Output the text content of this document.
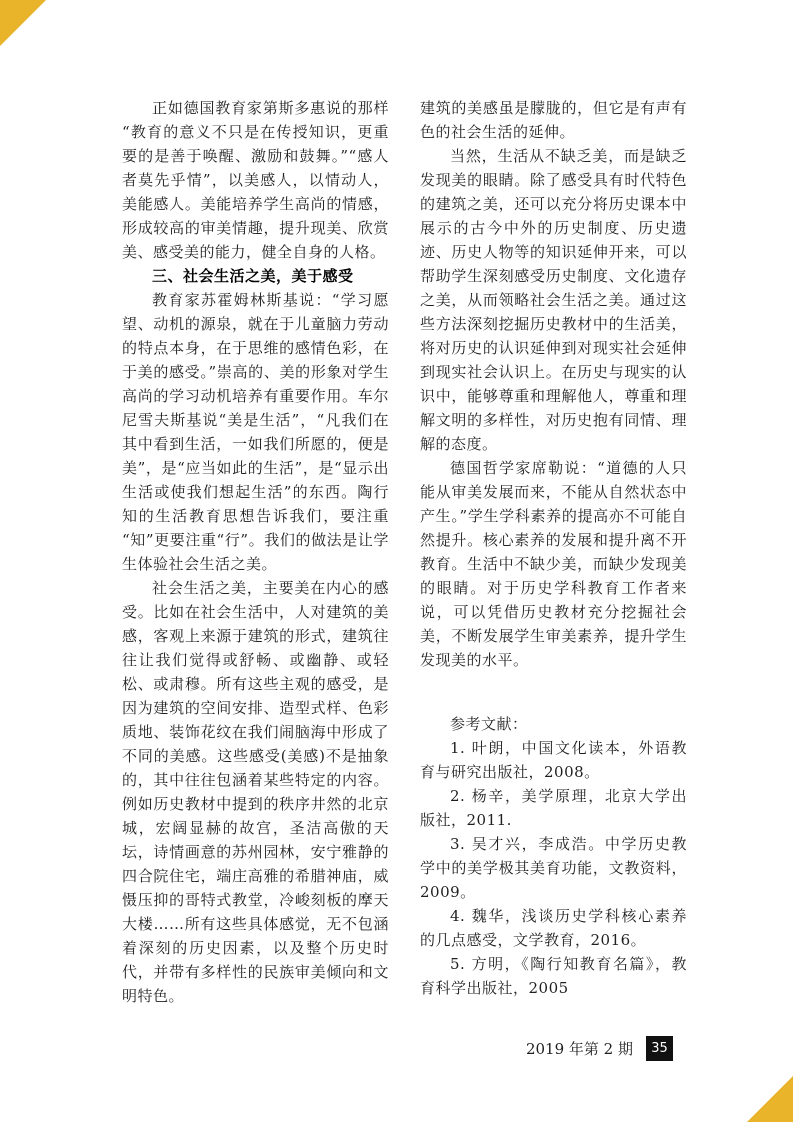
正如德国教育家第斯多惠说的那样“教育的意义不只是在传授知识，更重要的是善于唤醒、激励和鼓舞。”“感人者莫先乎情”，以美感人，以情动人，美能感人。美能培养学生高尚的情感，形成较高的审美情趣，提升现美、欣赏美、感受美的能力，健全自身的人格。

三、社会生活之美，美于感受

教育家苏霍姆林斯基说：“学习愿望、动机的源泉，就在于儿童脑力劳动的特点本身，在于思维的感情色彩，在于美的感受。”崇高的、美的形象对学生高尚的学习动机培养有重要作用。车尔尼雪夫斯基说“美是生活”，“凡我们在其中看到生活，一如我们所愿的，便是美”，是“应当如此的生活”，是“显示出生活或使我们想起生活”的东西。陶行知的生活教育思想告诉我们，要注重“知”更要注重“行”。我们的做法是让学生体验社会生活之美。

社会生活之美，主要美在内心的感受。比如在社会生活中，人对建筑的美感，客观上来源于建筑的形式，建筑往往让我们觉得或舒畅、或幽静、或轻松、或肃穆。所有这些主观的感受，是因为建筑的空间安排、造型式样、色彩质地、装饰花纹在我们闹脑海中形成了不同的美感。这些感受(美感)不是抽象的，其中往往包涵着某些特定的内容。例如历史教材中提到的秩序井然的北京城，宏阔显赫的故宫，圣洁高傲的天坛，诗情画意的苏州园林，安宁雅静的四合院住宅，端庄高雅的希腊神庙，威慑压抑的哥特式教堂，冷峻刻板的摩天大楼……所有这些具体感觉，无不包涵着深刻的历史因素，以及整个历史时代，并带有多样性的民族审美倾向和文明特色。

建筑的美感虽是朦胧的，但它是有声有色的社会生活的延伸。

当然，生活从不缺乏美，而是缺乏发现美的眼睛。除了感受具有时代特色的建筑之美，还可以充分将历史课本中展示的古今中外的历史制度、历史遗迹、历史人物等的知识延伸开来，可以帮助学生深刻感受历史制度、文化遗存之美，从而领略社会生活之美。通过这些方法深刻挖掘历史教材中的生活美，将对历史的认识延伸到对现实社会延伸到现实社会认识上。在历史与现实的认识中，能够尊重和理解他人，尊重和理解文明的多样性，对历史抱有同情、理解的态度。

德国哲学家席勒说：“道德的人只能从审美发展而来，不能从自然状态中产生。”学生学科素养的提高亦不可能自然提升。核心素养的发展和提升离不开教育。生活中不缺少美，而缺少发现美的眼睛。对于历史学科教育工作者来说，可以凭借历史教材充分挖掘社会美，不断发展学生审美素养，提升学生发现美的水平。

参考文献：

1. 叶朗，中国文化读本，外语教育与研究出版社，2008。

2. 杨辛，美学原理，北京大学出版社，2011.

3. 吴才兴，李成浩。中学历史教学中的美学极其美育功能，文教资料，2009。

4. 魏华，浅谈历史学科核心素养的几点感受，文学教育，2016。

5. 方明，《陶行知教育名篇》，教育科学出版社，2005

2019 年第 2 期	35
